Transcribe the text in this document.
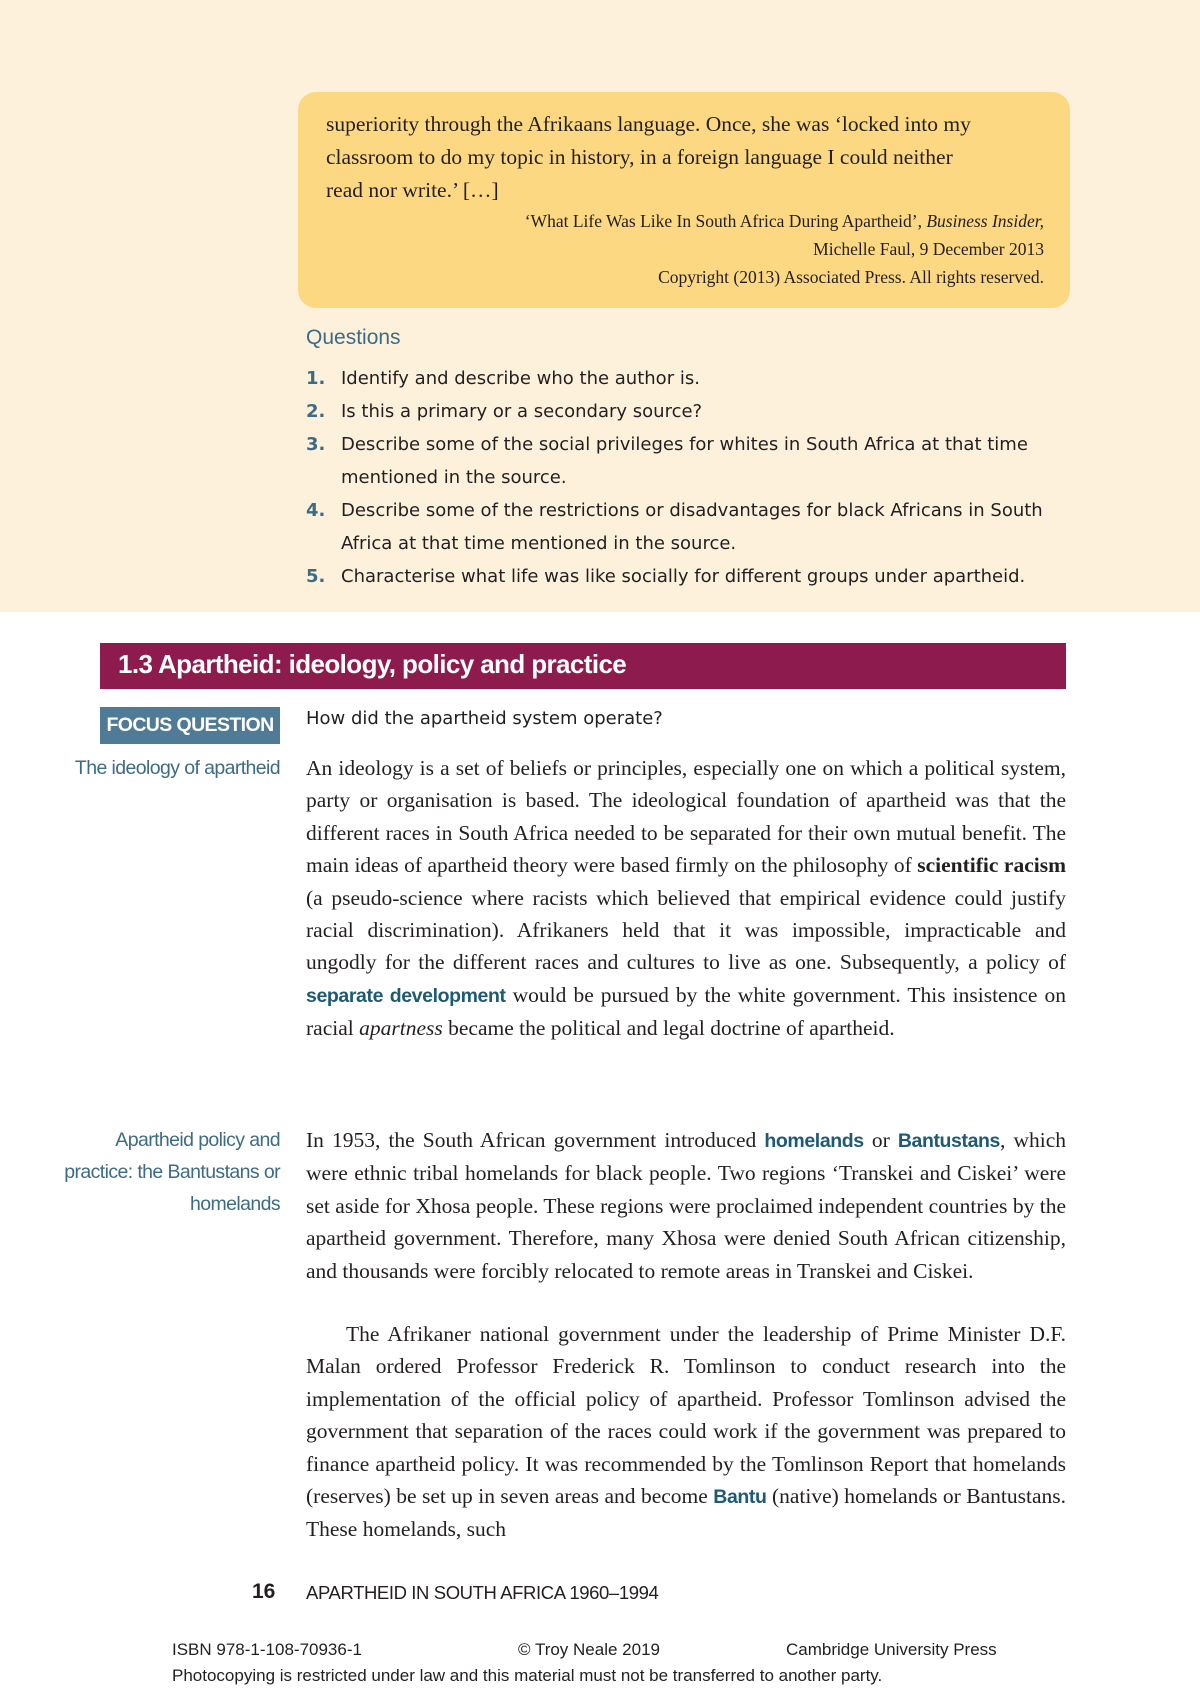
superiority through the Afrikaans language. Once, she was ‘locked into my
classroom to do my topic in history, in a foreign language I could neither
read nor write.’ […]

‘What Life Was Like In South Africa During Apartheid’, Business Insider,
Michelle Faul, 9 December 2013
Copyright (2013) Associated Press. All rights reserved.

Questions
1. Identify and describe who the author is.
2. Is this a primary or a secondary source?
3. Describe some of the social privileges for whites in South Africa at that time mentioned in the source.
4. Describe some of the restrictions or disadvantages for black Africans in South Africa at that time mentioned in the source.
5. Characterise what life was like socially for different groups under apartheid.
1.3 Apartheid: ideology, policy and practice
FOCUS QUESTION	How did the apartheid system operate?
The ideology of apartheid An ideology is a set of beliefs or principles, especially one on which a political system, party or organisation is based. The ideological foundation of apartheid was that the different races in South Africa needed to be separated for their own mutual benefit. The main ideas of apartheid theory were based firmly on the philosophy of scientific racism (a pseudo-science where racists which believed that empirical evidence could justify racial discrimination). Afrikaners held that it was impossible, impracticable and ungodly for the different races and cultures to live as one. Subsequently, a policy of separate development would be pursued by the white government. This insistence on racial apartness became the political and legal doctrine of apartheid.

Apartheid policy and practice: the Bantustans or homelands

In 1953, the South African government introduced homelands or Bantustans, which were ethnic tribal homelands for black people. Two regions ‘Transkei and Ciskei’ were set aside for Xhosa people. These regions were proclaimed independent countries by the apartheid government. Therefore, many Xhosa were denied South African citizenship, and thousands were forcibly relocated to remote areas in Transkei and Ciskei.

The Afrikaner national government under the leadership of Prime Minister D.F. Malan ordered Professor Frederick R. Tomlinson to conduct research into the implementation of the official policy of apartheid. Professor Tomlinson advised the government that separation of the races could work if the government was prepared to finance apartheid policy. It was recommended by the Tomlinson Report that homelands (reserves) be set up in seven areas and become Bantu (native) homelands or Bantustans. These homelands, such

16 APARTHEID IN SOUTH AFRICA 1960–1994
ISBN 978-1-108-70936-1	© Troy Neale 2019	Cambridge University Press
Photocopying is restricted under law and this material must not be transferred to another party.
